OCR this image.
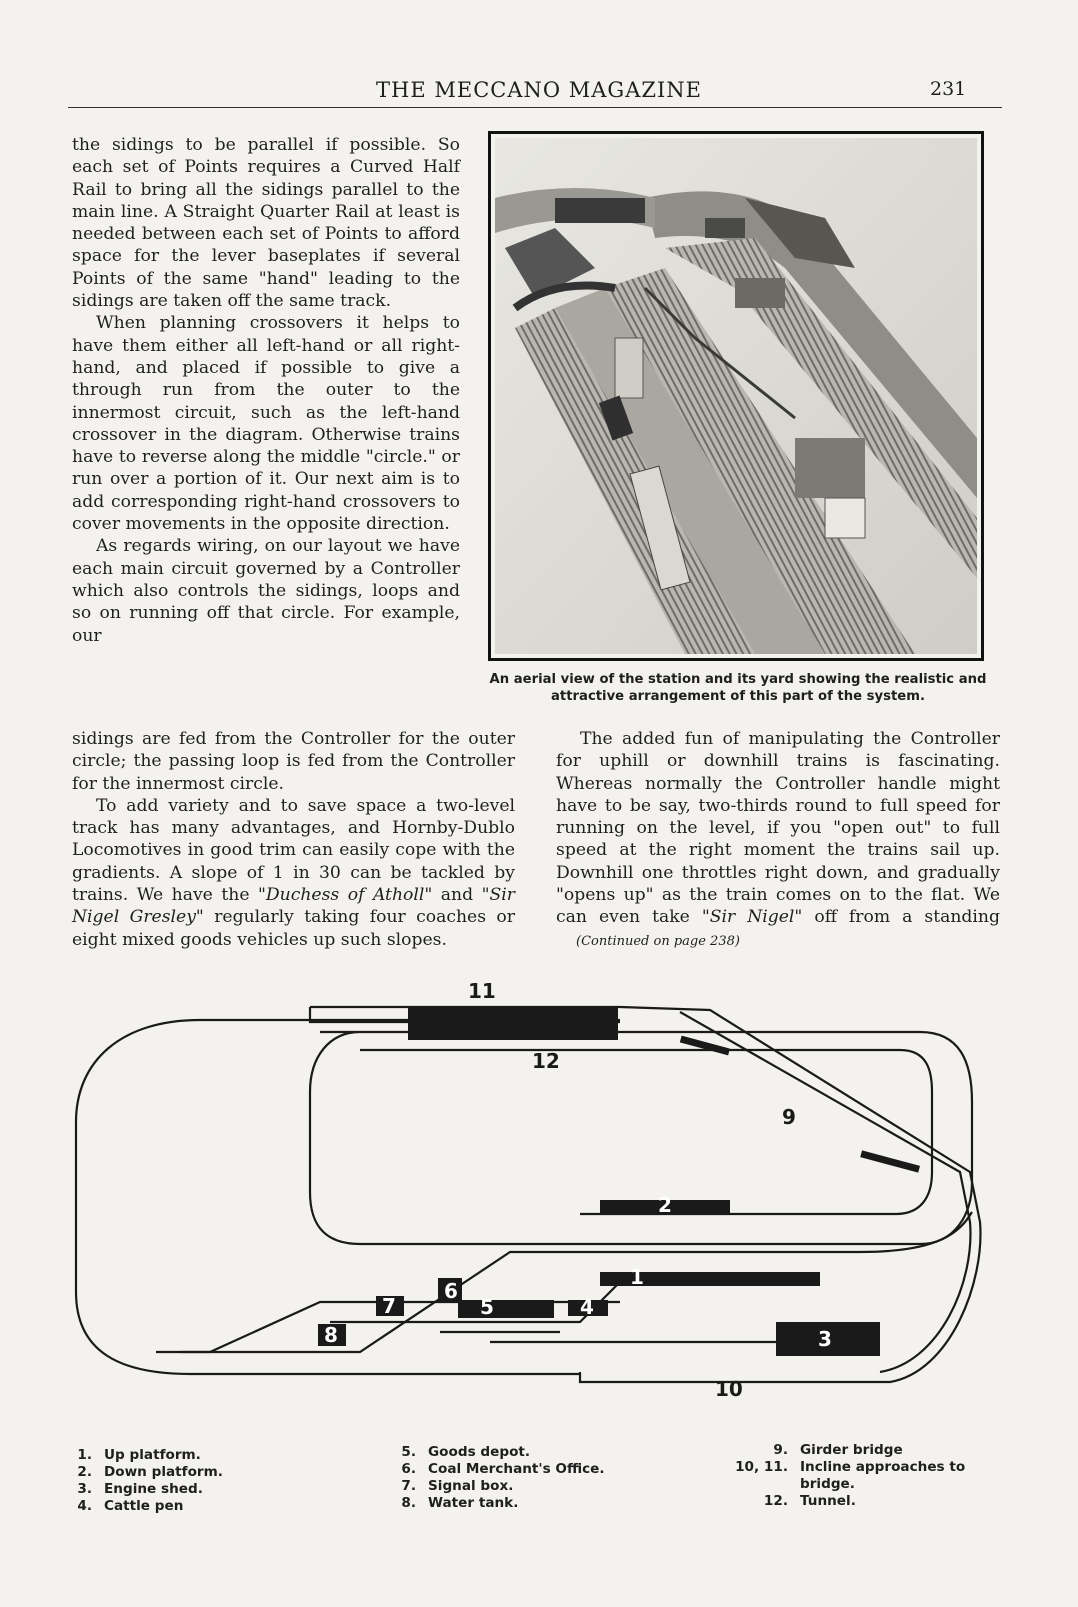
THE MECCANO MAGAZINE	231

the sidings to be parallel if possible. So each set of Points requires a Curved Half Rail to bring all the sidings parallel to the main line. A Straight Quarter Rail at least is needed between each set of Points to afford space for the lever baseplates if several Points of the same "hand" leading to the sidings are taken off the same track.

When planning crossovers it helps to have them either all left-hand or all right-hand, and placed if possible to give a through run from the outer to the innermost circuit, such as the left-hand crossover in the diagram. Otherwise trains have to reverse along the middle "circle." or run over a portion of it. Our next aim is to add corresponding right-hand crossovers to cover movements in the opposite direction.

As regards wiring, on our layout we have each main circuit governed by a Controller which also controls the sidings, loops and so on running off that circle. For example, our

An aerial view of the station and its yard showing the realistic and attractive arrangement of this part of the system.

sidings are fed from the Controller for the outer circle; the passing loop is fed from the Controller for the innermost circle.

To add variety and to save space a two-level track has many advantages, and Hornby-Dublo Locomotives in good trim can easily cope with the gradients. A slope of 1 in 30 can be tackled by trains. We have the "Duchess of Atholl" and "Sir Nigel Gresley" regularly taking four coaches or eight mixed goods vehicles up such slopes.

The added fun of manipulating the Controller for uphill or downhill trains is fascinating. Whereas normally the Controller handle might have to be say, two-thirds round to full speed for running on the level, if you "open out" to full speed at the right moment the trains sail up. Downhill one throttles right down, and gradually "opens up" as the train comes on to the flat. We can even take "Sir Nigel" off from a standing (Continued on page 238)

1
2
3
4
5
6
7
8
9
10
11
12
1. Up platform.
2. Down platform.
3. Engine shed.
4. Cattle pen
5. Goods depot.
6. Coal Merchant's Office.
7. Signal box.
8. Water tank.
9. Girder bridge
10, 11. Incline approaches to bridge.
12. Tunnel.
